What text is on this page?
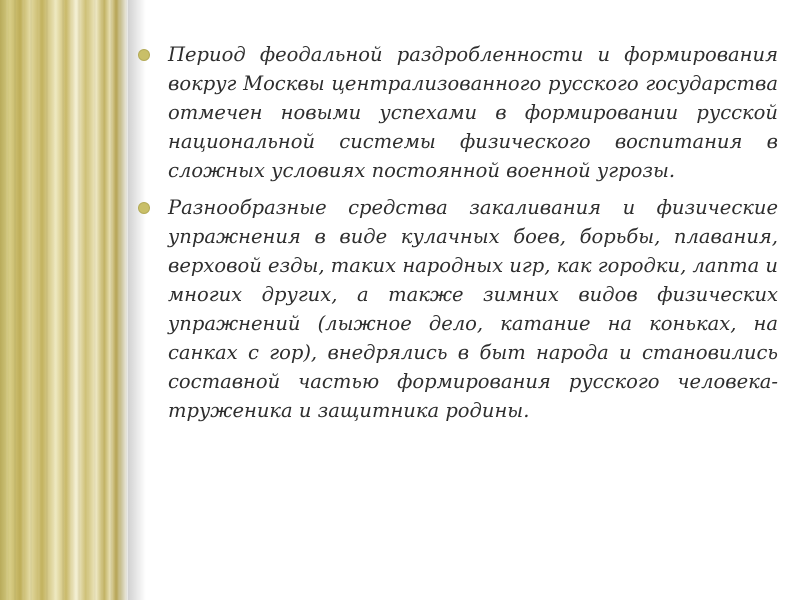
Период феодальной раздробленности и формирования вокруг Москвы централизованного русского государства отмечен новыми успехами в формировании русской национальной системы физического воспитания в сложных условиях постоянной военной угрозы.
Разнообразные средства закаливания и физические упражнения в виде кулачных боев, борьбы, плавания, верховой езды, таких народных игр, как городки, лапта и многих других, а также зимних видов физических упражнений (лыжное дело, катание на коньках, на санках с гор), внедрялись в быт народа и становились составной частью формирования русского человека-труженика и защитника родины.
